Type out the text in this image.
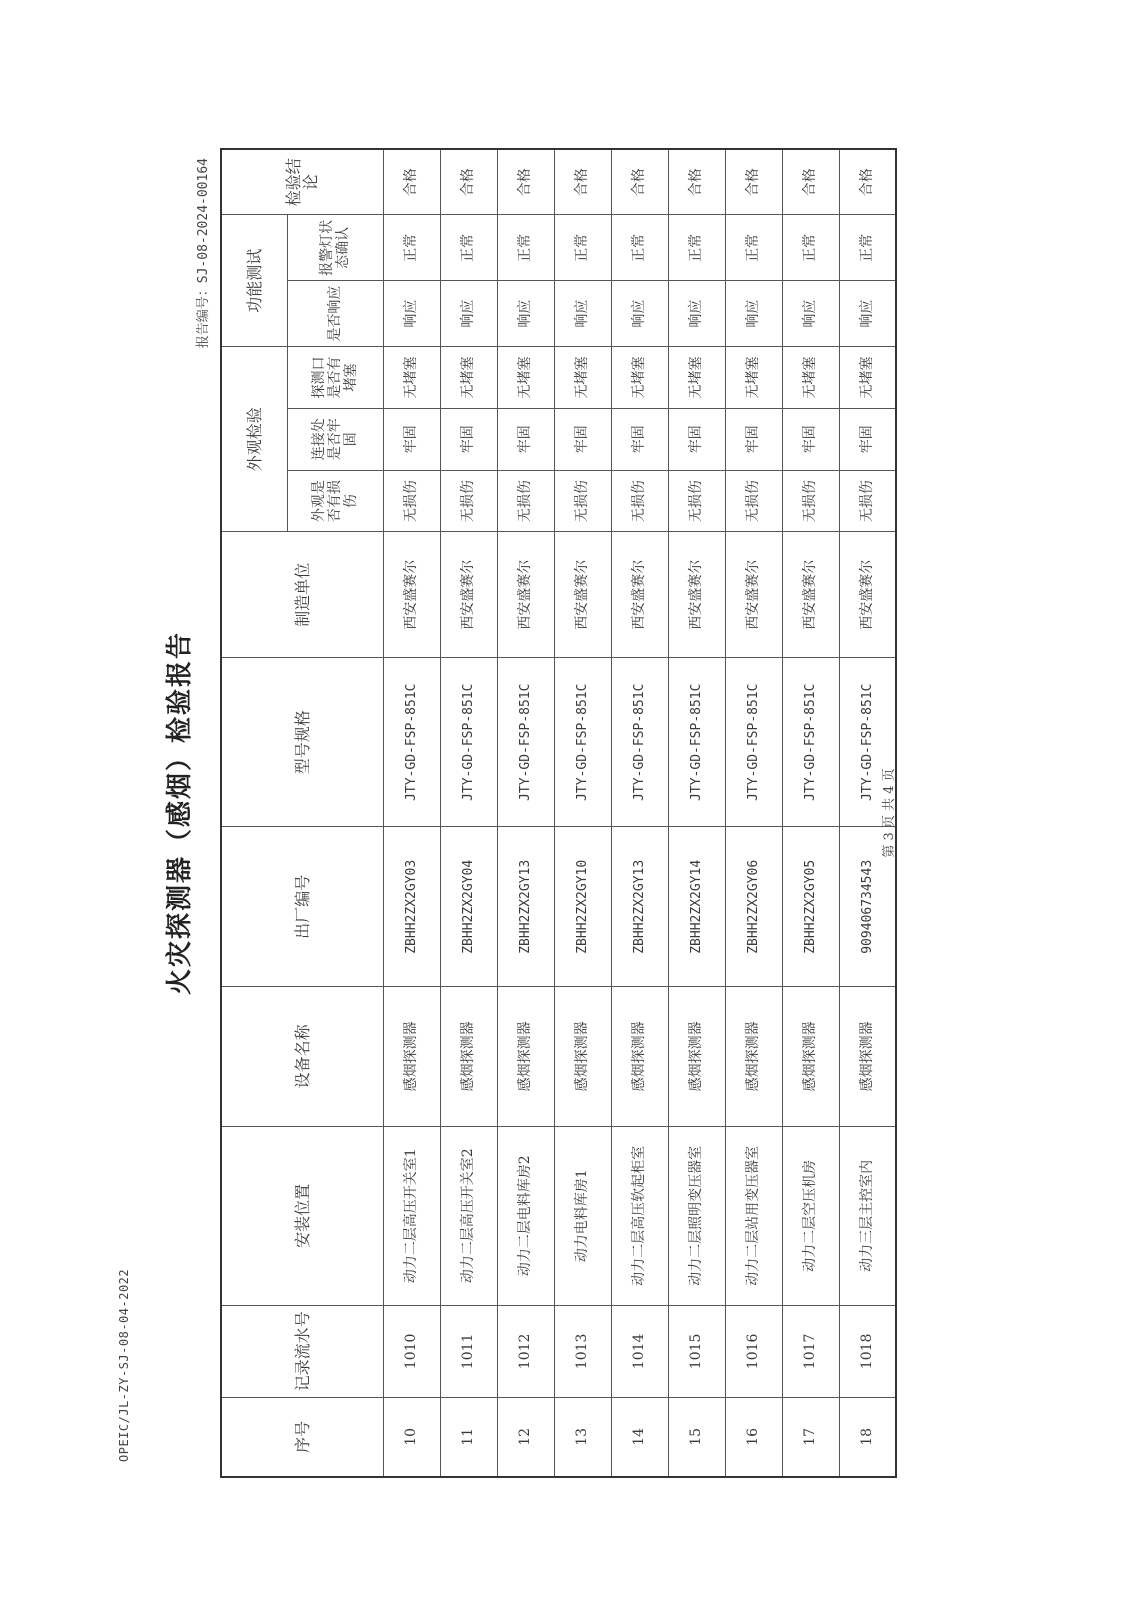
OPEIC/JL-ZY-SJ-08-04-2022
火灾探测器（感烟）检验报告
报告编号：SJ-08-2024-00164
序号	记录流水号	安装位置	设备名称	出厂编号	型号规格	制造单位	外观检验			功能测试		检验结论
							外观是否有损伤	连接处是否牢固	探测口是否有堵塞	是否响应	报警灯状态确认	
10	1010	动力二层高压开关室1	感烟探测器	ZBHH2ZX2GY03	JTY-GD-FSP-851C	西安盛赛尔	无损伤	牢固	无堵塞	响应	正常	合格
11	1011	动力二层高压开关室2	感烟探测器	ZBHH2ZX2GY04	JTY-GD-FSP-851C	西安盛赛尔	无损伤	牢固	无堵塞	响应	正常	合格
12	1012	动力二层电料库房2	感烟探测器	ZBHH2ZX2GY13	JTY-GD-FSP-851C	西安盛赛尔	无损伤	牢固	无堵塞	响应	正常	合格
13	1013	动力电料库房1	感烟探测器	ZBHH2ZX2GY10	JTY-GD-FSP-851C	西安盛赛尔	无损伤	牢固	无堵塞	响应	正常	合格
14	1014	动力二层高压软起柜室	感烟探测器	ZBHH2ZX2GY13	JTY-GD-FSP-851C	西安盛赛尔	无损伤	牢固	无堵塞	响应	正常	合格
15	1015	动力二层照明变压器室	感烟探测器	ZBHH2ZX2GY14	JTY-GD-FSP-851C	西安盛赛尔	无损伤	牢固	无堵塞	响应	正常	合格
16	1016	动力二层站用变压器室	感烟探测器	ZBHH2ZX2GY06	JTY-GD-FSP-851C	西安盛赛尔	无损伤	牢固	无堵塞	响应	正常	合格
17	1017	动力二层空压机房	感烟探测器	ZBHH2ZX2GY05	JTY-GD-FSP-851C	西安盛赛尔	无损伤	牢固	无堵塞	响应	正常	合格
18	1018	动力三层主控室内	感烟探测器	909406734543	JTY-GD-FSP-851C	西安盛赛尔	无损伤	牢固	无堵塞	响应	正常	合格
第 3 页 共 4 页
